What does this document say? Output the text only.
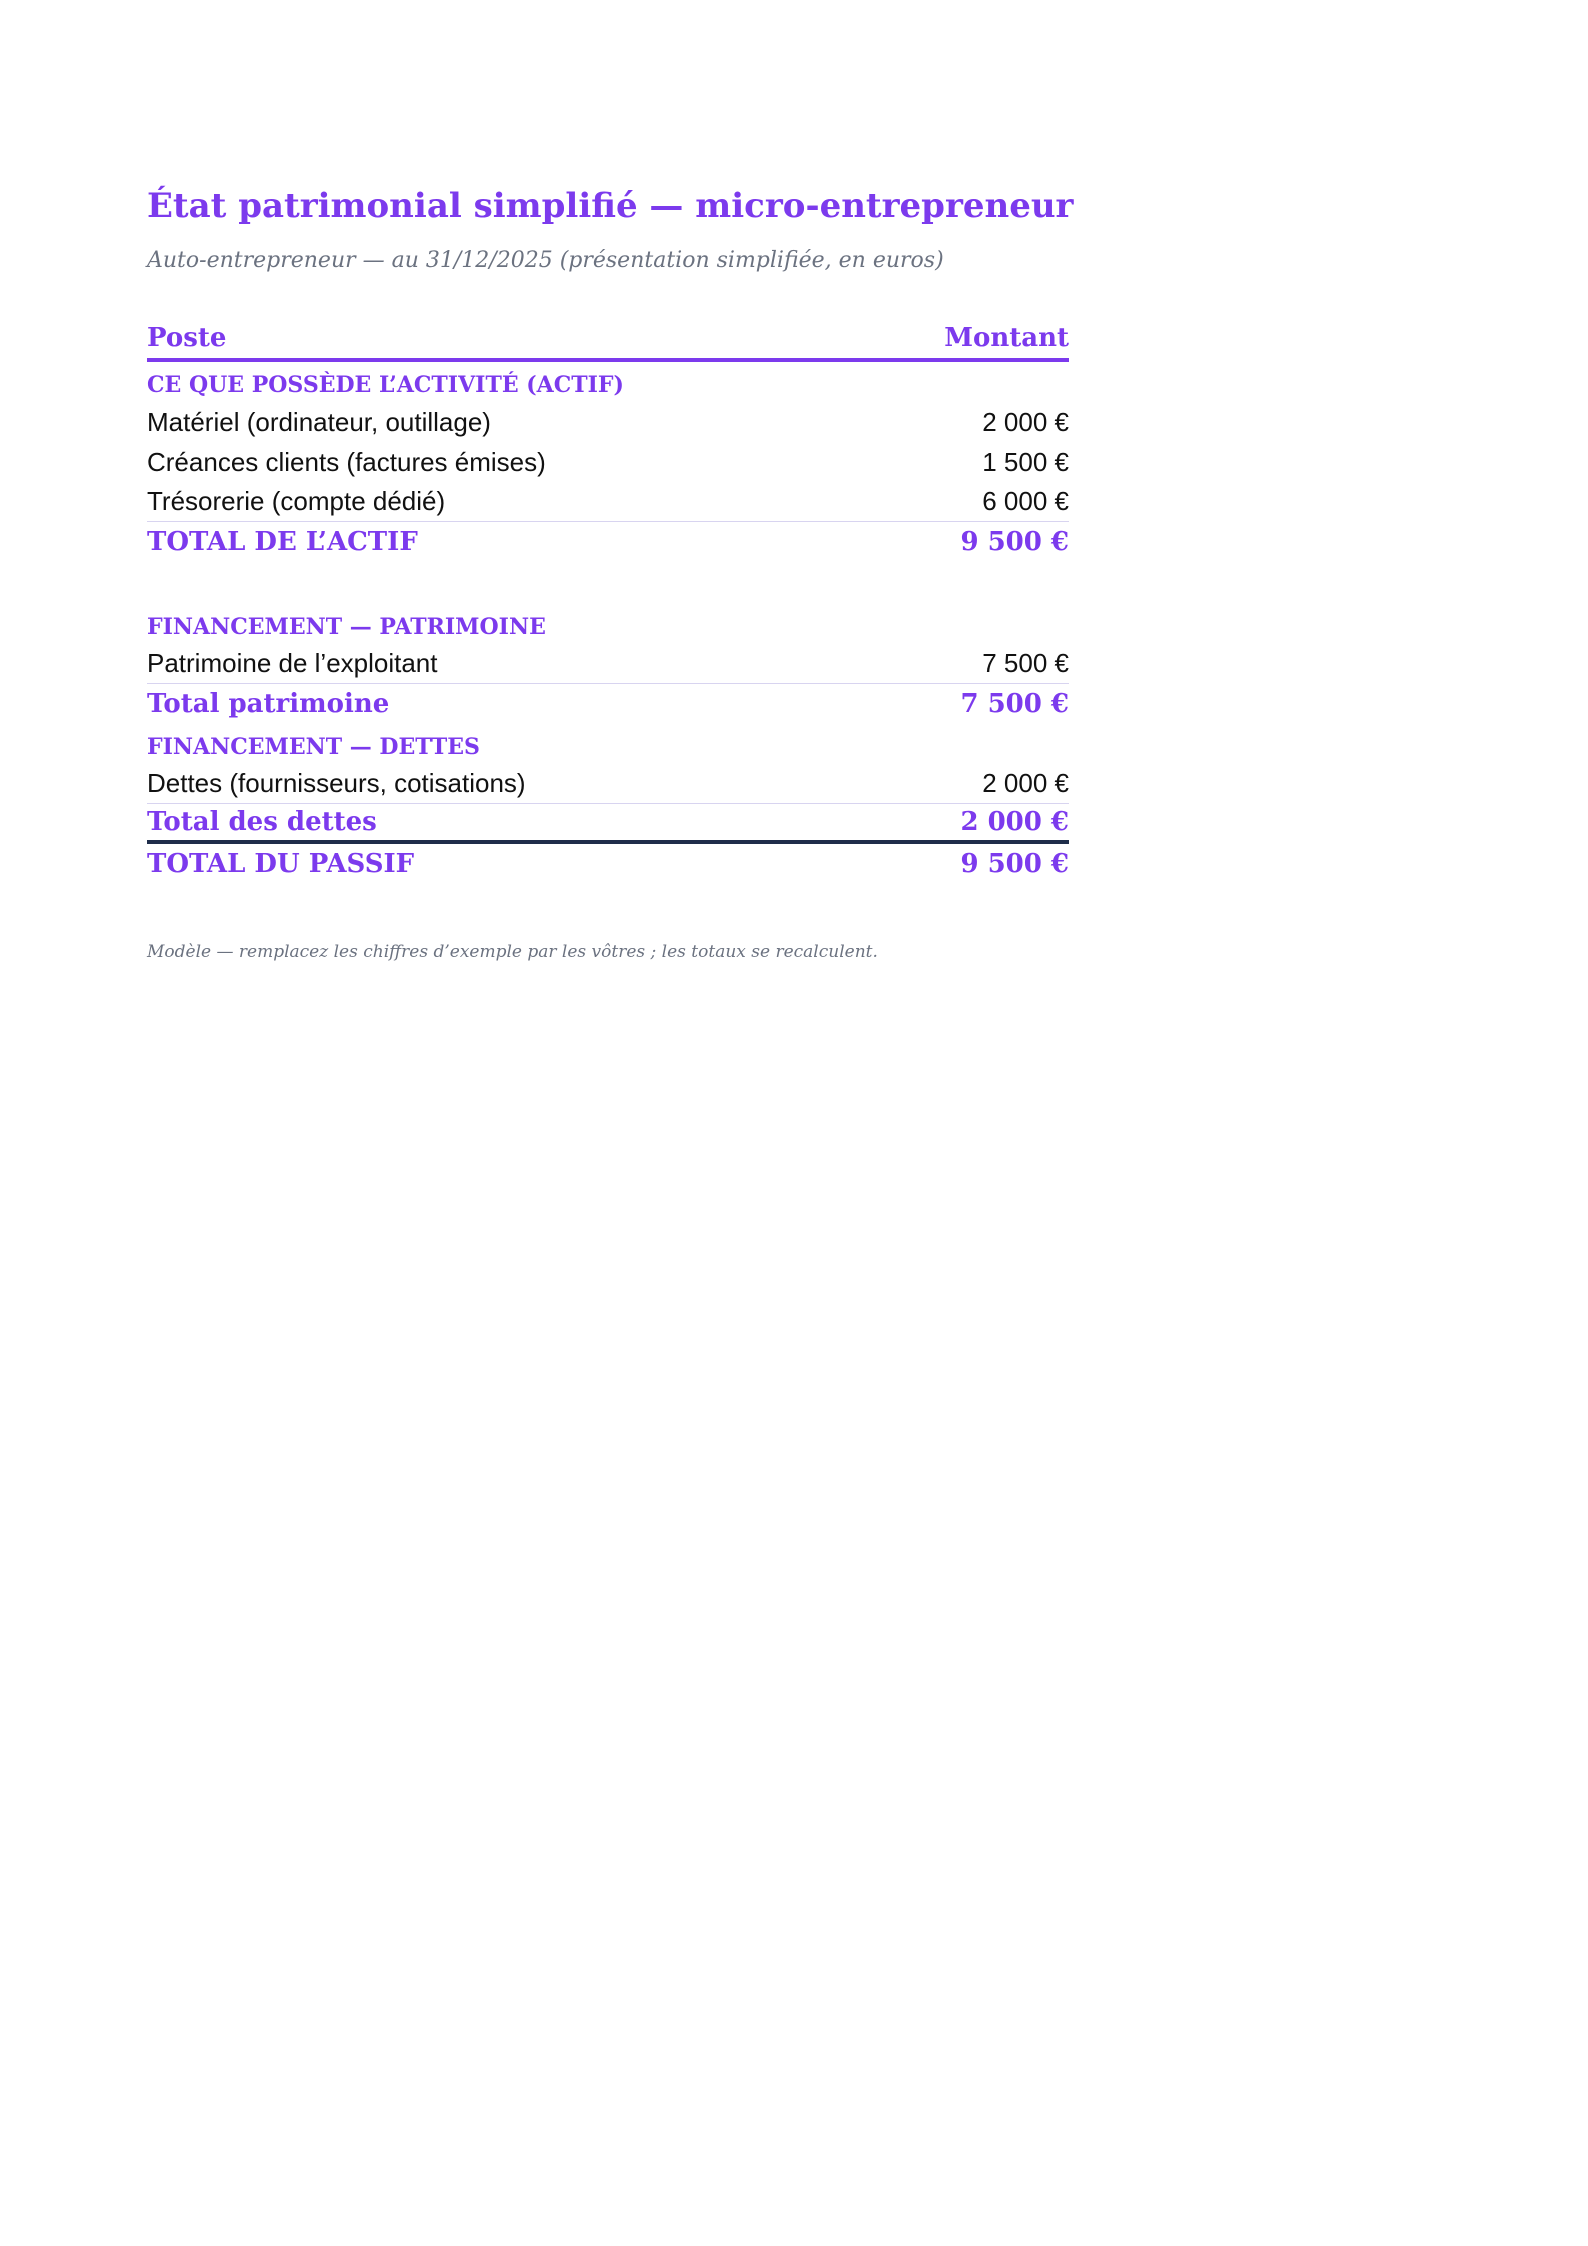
État patrimonial simplifié — micro-entrepreneur
Auto-entrepreneur — au 31/12/2025 (présentation simplifiée, en euros)
Poste	Montant
CE QUE POSSÈDE L’ACTIVITÉ (ACTIF)
Matériel (ordinateur, outillage)	2 000 €
Créances clients (factures émises)	1 500 €
Trésorerie (compte dédié)	6 000 €
TOTAL DE L’ACTIF	9 500 €
FINANCEMENT — PATRIMOINE
Patrimoine de l’exploitant	7 500 €
Total patrimoine	7 500 €
FINANCEMENT — DETTES
Dettes (fournisseurs, cotisations)	2 000 €
Total des dettes	2 000 €
TOTAL DU PASSIF	9 500 €
Modèle — remplacez les chiffres d’exemple par les vôtres ; les totaux se recalculent.
